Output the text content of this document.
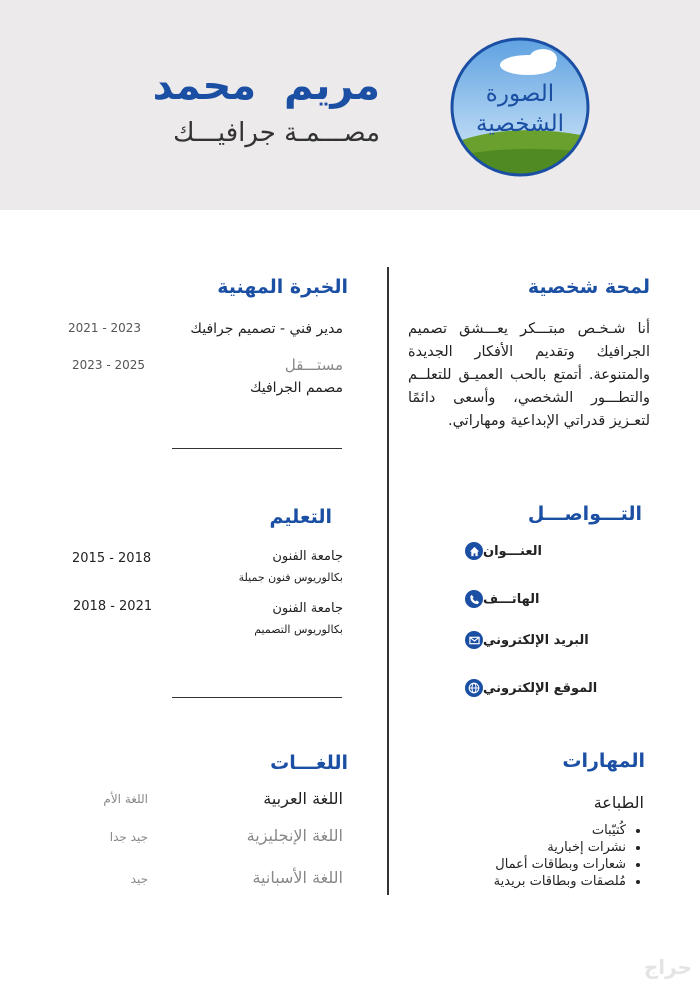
مريم  محمد
مصـــمـة جرافيـــك
الصورة الشخصية
لمحة شخصية
أنا شـخـص مبتـــكر يعـــشق تصميم الجرافيك وتقديم الأفكار الجديدة والمتنوعة. أتمتع بالحب العميـق للتعلــم والتطـــور الشخصي، وأسعى دائمًا لتعـزيز قدراتي الإبداعية ومهاراتي.
التـــواصـــل
العنـــوان
الهاتـــف
البريد الإلكتروني
الموقع الإلكتروني
المهارات
الطباعة
• كُتيّبات
• نشرات إخبارية
• شعارات وبطاقات أعمال
• مُلصقات وبطاقات بريدية
الخبرة المهنية
مدير فني - تصميم جرافيك
2021 - 2023
مستـــقل
مصمم الجرافيك
2023 - 2025
التعليم
جامعة الفنون
بكالوريوس فنون جميلة
2015 - 2018
جامعة الفنون
بكالوريوس التصميم
2018 - 2021
اللغـــات
اللغة العربية
اللغة الأم
اللغة الإنجليزية
جيد جدا
اللغة الأسبانية
جيد
حراج
